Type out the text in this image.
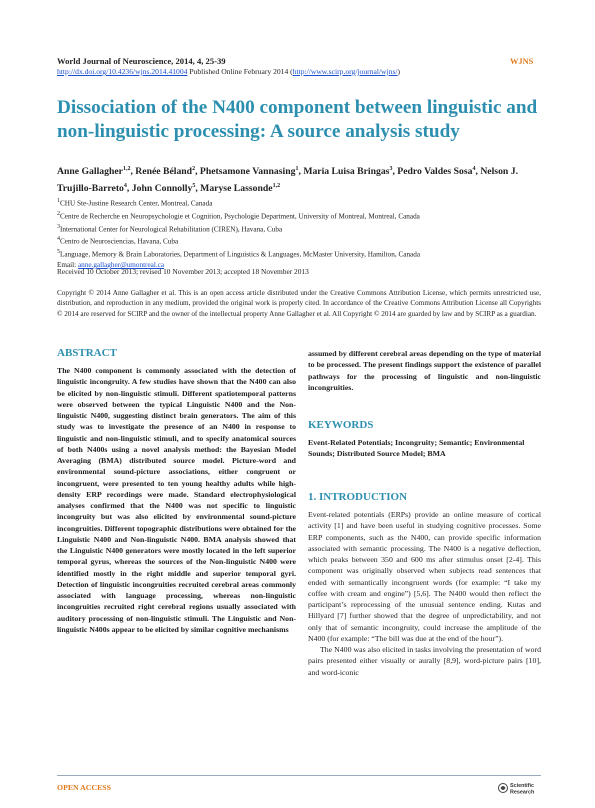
World Journal of Neuroscience, 2014, 4, 25-39
http://dx.doi.org/10.4236/wjns.2014.41004 Published Online February 2014 (http://www.scirp.org/journal/wjns/)
WJNS
Dissociation of the N400 component between linguistic and non-linguistic processing: A source analysis study
Anne Gallagher$^{1,2}$, Renée Béland$^2$, Phetsamone Vannasing$^1$, Maria Luisa Bringas$^3$, Pedro Valdes Sosa$^4$, Nelson J. Trujillo-Barreto$^4$, John Connolly$^5$, Maryse Lassonde$^{1,2}$
$^1$CHU Ste-Justine Research Center, Montreal, Canada
$^2$Centre de Recherche en Neuropsychologie et Cognition, Psychologie Department, University of Montreal, Montreal, Canada
$^3$International Center for Neurological Rehabilitation (CIREN), Havana, Cuba
$^4$Centro de Neurosciencias, Havana, Cuba
$^5$Language, Memory & Brain Laboratories, Department of Linguistics & Languages, McMaster University, Hamilton, Canada
Email: anne.gallagher@umontreal.ca
Received 10 October 2013; revised 10 November 2013; accepted 18 November 2013
Copyright © 2014 Anne Gallagher et al. This is an open access article distributed under the Creative Commons Attribution License, which permits unrestricted use, distribution, and reproduction in any medium, provided the original work is properly cited. In accordance of the Creative Commons Attribution License all Copyrights © 2014 are reserved for SCIRP and the owner of the intellectual property Anne Gallagher et al. All Copyright © 2014 are guarded by law and by SCIRP as a guardian.
ABSTRACT
The N400 component is commonly associated with the detection of linguistic incongruity. A few studies have shown that the N400 can also be elicited by non-linguistic stimuli. Different spatiotemporal patterns were observed between the typical Linguistic N400 and the Non-linguistic N400, suggesting distinct brain generators. The aim of this study was to investigate the presence of an N400 in response to linguistic and non-linguistic stimuli, and to specify anatomical sources of both N400s using a novel analysis method: the Bayesian Model Averaging (BMA) distributed source model. Picture-word and environmental sound-picture associations, either congruent or incongruent, were presented to ten young healthy adults while high-density ERP recordings were made. Standard electrophysiological analyses confirmed that the N400 was not specific to linguistic incongruity but was also elicited by environmental sound-picture incongruities. Different topographic distributions were obtained for the Linguistic N400 and Non-linguistic N400. BMA analysis showed that the Linguistic N400 generators were mostly located in the left superior temporal gyrus, whereas the sources of the Non-linguistic N400 were identified mostly in the right middle and superior temporal gyri. Detection of linguistic incongruities recruited cerebral areas commonly associated with language processing, whereas non-linguistic incongruities recruited right cerebral regions usually associated with auditory processing of non-linguistic stimuli. The Linguistic and Non-linguistic N400s appear to be elicited by similar cognitive mechanisms
assumed by different cerebral areas depending on the type of material to be processed. The present findings support the existence of parallel pathways for the processing of linguistic and non-linguistic incongruities.
KEYWORDS
Event-Related Potentials; Incongruity; Semantic; Environmental Sounds; Distributed Source Model; BMA
1. INTRODUCTION

Event-related potentials (ERPs) provide an online measure of cortical activity [1] and have been useful in studying cognitive processes. Some ERP components, such as the N400, can provide specific information associated with semantic processing. The N400 is a negative deflection, which peaks between 350 and 600 ms after stimulus onset [2-4]. This component was originally observed when subjects read sentences that ended with semantically incongruent words (for example: “I take my coffee with cream and engine”) [5,6]. The N400 would then reflect the participant’s reprocessing of the unusual sentence ending. Kutas and Hillyard [7] further showed that the degree of unpredictability, and not only that of semantic incongruity, could increase the amplitude of the N400 (for example: “The bill was due at the end of the hour”).

The N400 was also elicited in tasks involving the presentation of word pairs presented either visually or aurally [8,9], word-picture pairs [10], and word-iconic

OPEN ACCESS	Scientific
Research
